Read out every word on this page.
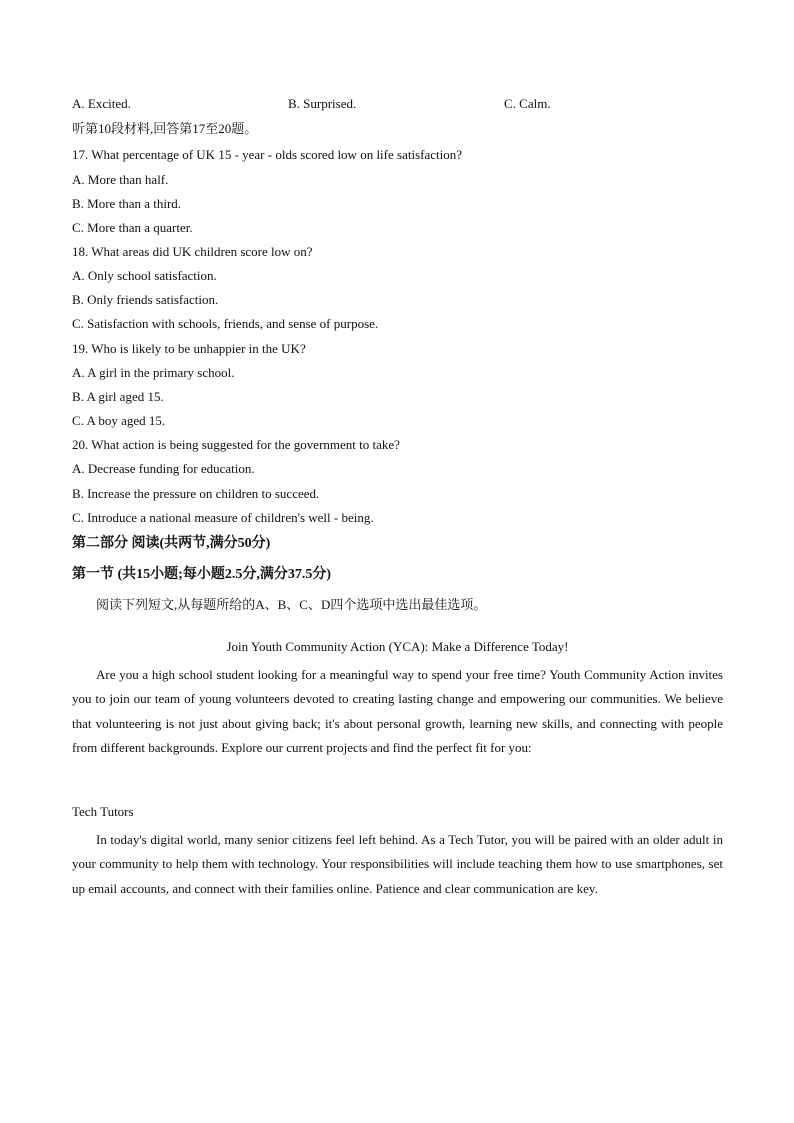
A. Excited.	B. Surprised.	C. Calm.
听第10段材料,回答第17至20题。
17. What percentage of UK 15 - year - olds scored low on life satisfaction?
A. More than half.
B. More than a third.
C. More than a quarter.
18. What areas did UK children score low on?
A. Only school satisfaction.
B. Only friends satisfaction.
C. Satisfaction with schools, friends, and sense of purpose.
19. Who is likely to be unhappier in the UK?
A. A girl in the primary school.
B. A girl aged 15.
C. A boy aged 15.
20. What action is being suggested for the government to take?
A. Decrease funding for education.
B. Increase the pressure on children to succeed.
C. Introduce a national measure of children's well - being.
第二部分 阅读(共两节,满分50分)
第一节 (共15小题;每小题2.5分,满分37.5分)
阅读下列短文,从每题所给的A、B、C、D四个选项中选出最佳选项。
Join Youth Community Action (YCA): Make a Difference Today!

Are you a high school student looking for a meaningful way to spend your free time? Youth Community Action invites you to join our team of young volunteers devoted to creating lasting change and empowering our communities. We believe that volunteering is not just about giving back; it's about personal growth, learning new skills, and connecting with people from different backgrounds. Explore our current projects and find the perfect fit for you:

Tech Tutors

In today's digital world, many senior citizens feel left behind. As a Tech Tutor, you will be paired with an older adult in your community to help them with technology. Your responsibilities will include teaching them how to use smartphones, set up email accounts, and connect with their families online. Patience and clear communication are key.
